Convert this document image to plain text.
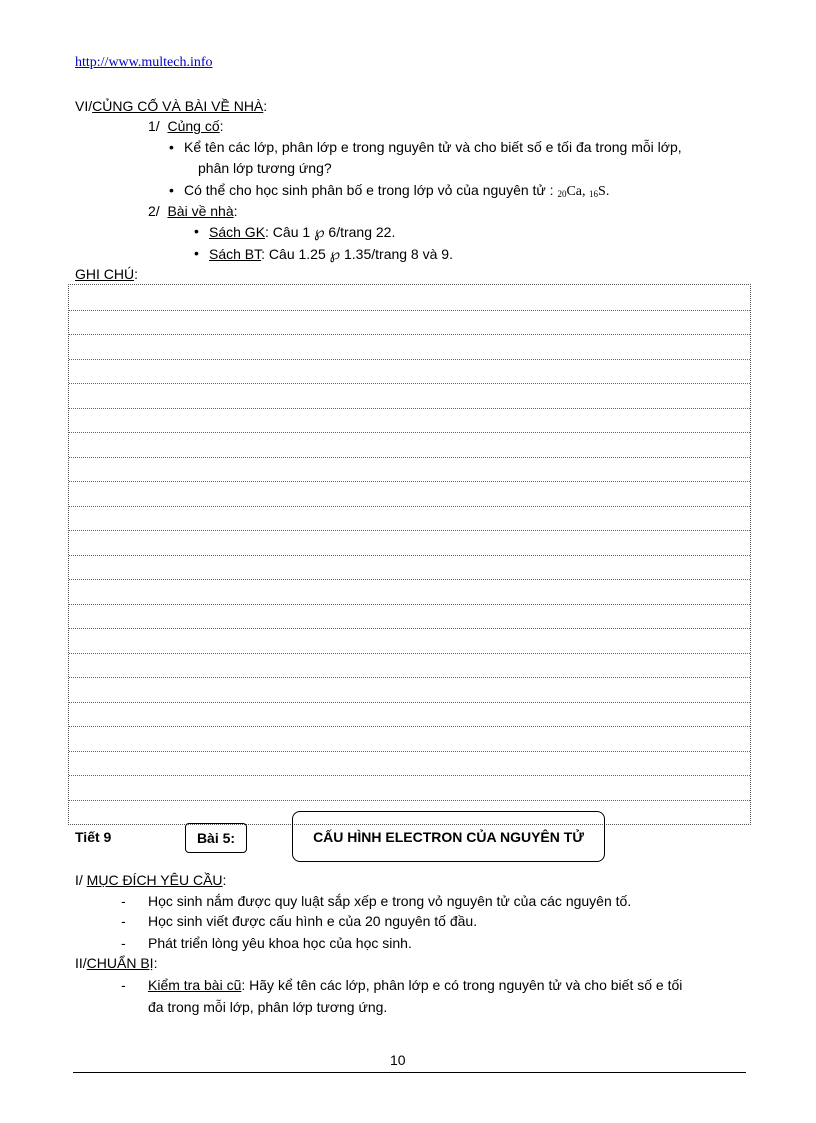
http://www.multech.info
VI/CỦNG CỐ VÀ BÀI VỀ NHÀ:
1/ Củng cố:
• Kể tên các lớp, phân lớp e trong nguyên tử và cho biết số e tối đa trong mỗi lớp,
phân lớp tương ứng?
• Có thể cho học sinh phân bố e trong lớp vỏ của nguyên tử : $_{20}$Ca, $_{16}$S.
2/ Bài về nhà:
• Sách GK: Câu 1 ℘ 6/trang 22.
• Sách BT: Câu 1.25 ℘ 1.35/trang 8 và 9.
GHI CHÚ:
Tiết 9	Bài 5:	CẤU HÌNH ELECTRON CỦA NGUYÊN TỬ
I/ MỤC ĐÍCH YÊU CẦU:
- Học sinh nắm được quy luật sắp xếp e trong vỏ nguyên tử của các nguyên tố.
- Học sinh viết được cấu hình e của 20 nguyên tố đầu.
- Phát triển lòng yêu khoa học của học sinh.
II/CHUẨN BỊ:
- Kiểm tra bài cũ: Hãy kể tên các lớp, phân lớp e có trong nguyên tử và cho biết số e tối
đa trong mỗi lớp, phân lớp tương ứng.
10
